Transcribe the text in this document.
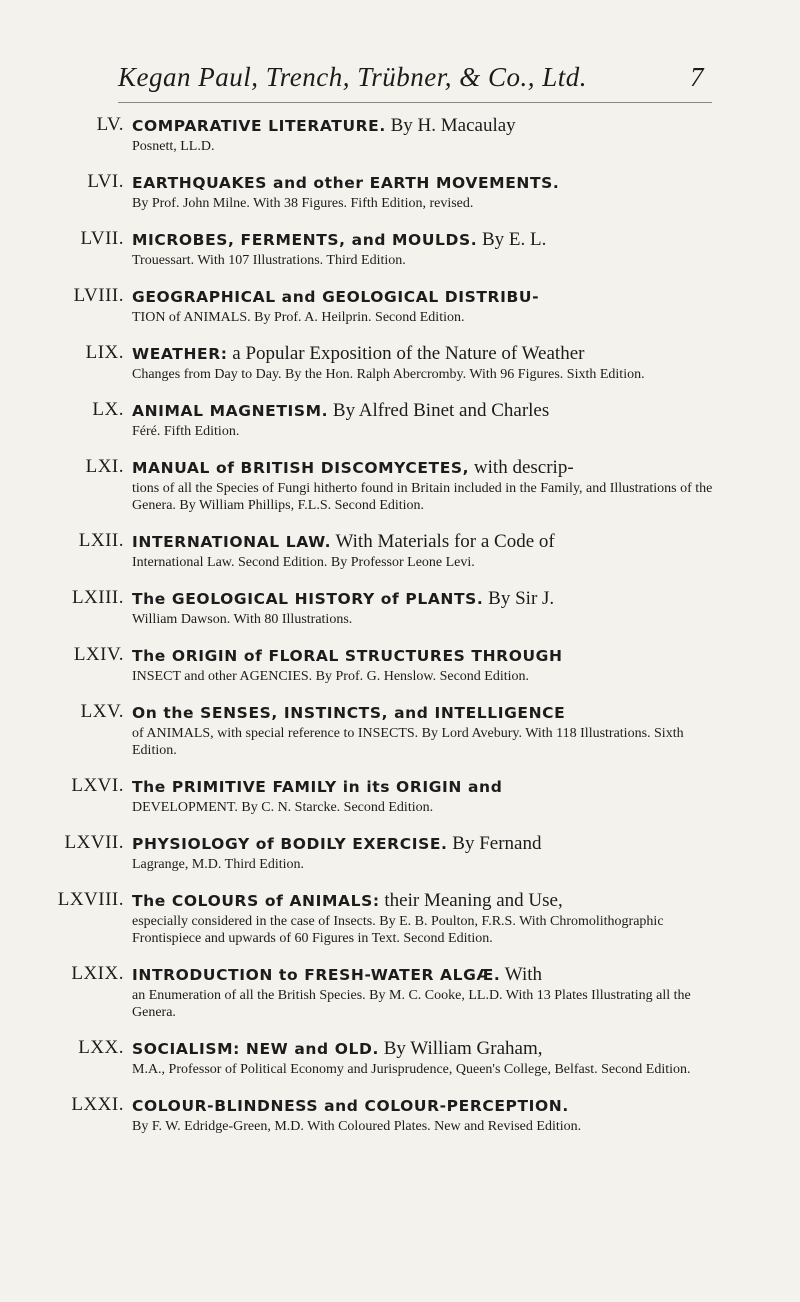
Kegan Paul, Trench, Trübner, & Co., Ltd.	7
LV. COMPARATIVE LITERATURE. By H. Macaulay
Posnett, LL.D.
LVI. EARTHQUAKES and other EARTH MOVEMENTS.
By Prof. John Milne. With 38 Figures. Fifth Edition, revised.
LVII. MICROBES, FERMENTS, and MOULDS. By E. L.
Trouessart. With 107 Illustrations. Third Edition.
LVIII. GEOGRAPHICAL and GEOLOGICAL DISTRIBU-
TION of ANIMALS. By Prof. A. Heilprin. Second Edition.
LIX. WEATHER: a Popular Exposition of the Nature of Weather
Changes from Day to Day. By the Hon. Ralph Abercromby. With 96 Figures. Sixth Edition.
LX. ANIMAL MAGNETISM. By Alfred Binet and Charles
Féré. Fifth Edition.
LXI. MANUAL of BRITISH DISCOMYCETES, with descrip-
tions of all the Species of Fungi hitherto found in Britain included in the Family, and Illustrations of the Genera. By William Phillips, F.L.S. Second Edition.
LXII. INTERNATIONAL LAW. With Materials for a Code of
International Law. Second Edition. By Professor Leone Levi.
LXIII. The GEOLOGICAL HISTORY of PLANTS. By Sir J.
William Dawson. With 80 Illustrations.
LXIV. The ORIGIN of FLORAL STRUCTURES THROUGH
INSECT and other AGENCIES. By Prof. G. Henslow. Second Edition.
LXV. On the SENSES, INSTINCTS, and INTELLIGENCE
of ANIMALS, with special reference to INSECTS. By Lord Avebury. With 118 Illustrations. Sixth Edition.
LXVI. The PRIMITIVE FAMILY in its ORIGIN and
DEVELOPMENT. By C. N. Starcke. Second Edition.
LXVII. PHYSIOLOGY of BODILY EXERCISE. By Fernand
Lagrange, M.D. Third Edition.
LXVIII. The COLOURS of ANIMALS: their Meaning and Use,
especially considered in the case of Insects. By E. B. Poulton, F.R.S. With Chromolithographic Frontispiece and upwards of 60 Figures in Text. Second Edition.
LXIX. INTRODUCTION to FRESH-WATER ALGÆ. With
an Enumeration of all the British Species. By M. C. Cooke, LL.D. With 13 Plates Illustrating all the Genera.
LXX. SOCIALISM: NEW and OLD. By William Graham,
M.A., Professor of Political Economy and Jurisprudence, Queen's College, Belfast. Second Edition.
LXXI. COLOUR-BLINDNESS and COLOUR-PERCEPTION.
By F. W. Edridge-Green, M.D. With Coloured Plates. New and Revised Edition.
